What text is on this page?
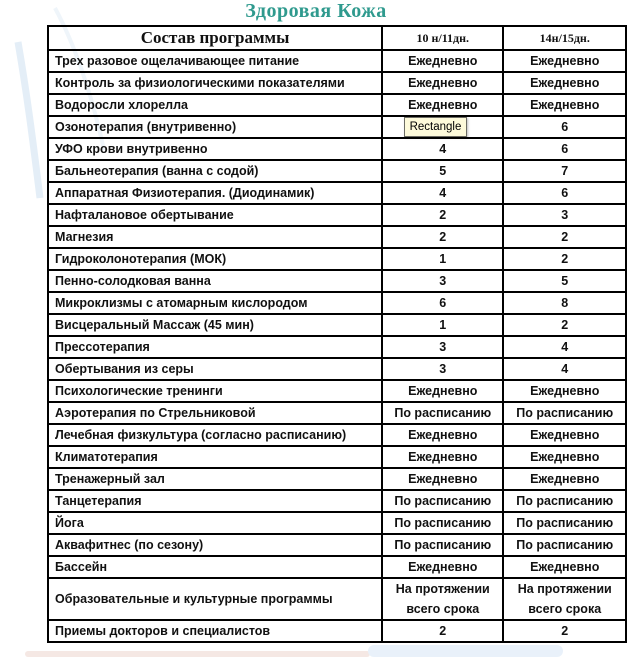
Здоровая Кожа
Состав программы	10 н/11дн.	14н/15дн.
Трех разовое ощелачивающее питание	Ежедневно	Ежедневно
Контроль за физиологическими показателями	Ежедневно	Ежедневно
Водоросли хлорелла	Ежедневно	Ежедневно
Озонотерапия (внутривенно)		6
УФО крови внутривенно	4	6
Бальнеотерапия (ванна с содой)	5	7
Аппаратная Физиотерапия. (Диодинамик)	4	6
Нафталановое обертывание	2	3
Магнезия	2	2
Гидроколонотерапия (МОК)	1	2
Пенно-солодковая ванна	3	5
Микроклизмы с атомарным кислородом	6	8
Висцеральный Массаж (45 мин)	1	2
Прессотерапия	3	4
Обертывания из серы	3	4
Психологические тренинги	Ежедневно	Ежедневно
Аэротерапия по Стрельниковой	По расписанию	По расписанию
Лечебная физкультура (согласно расписанию)	Ежедневно	Ежедневно
Климатотерапия	Ежедневно	Ежедневно
Тренажерный зал	Ежедневно	Ежедневно
Танцетерапия	По расписанию	По расписанию
Йога	По расписанию	По расписанию
Аквафитнес (по сезону)	По расписанию	По расписанию
Бассейн	Ежедневно	Ежедневно
Образовательные и культурные программы	На протяжении всего срока	На протяжении всего срока
Приемы докторов и специалистов	2	2
Rectangle
